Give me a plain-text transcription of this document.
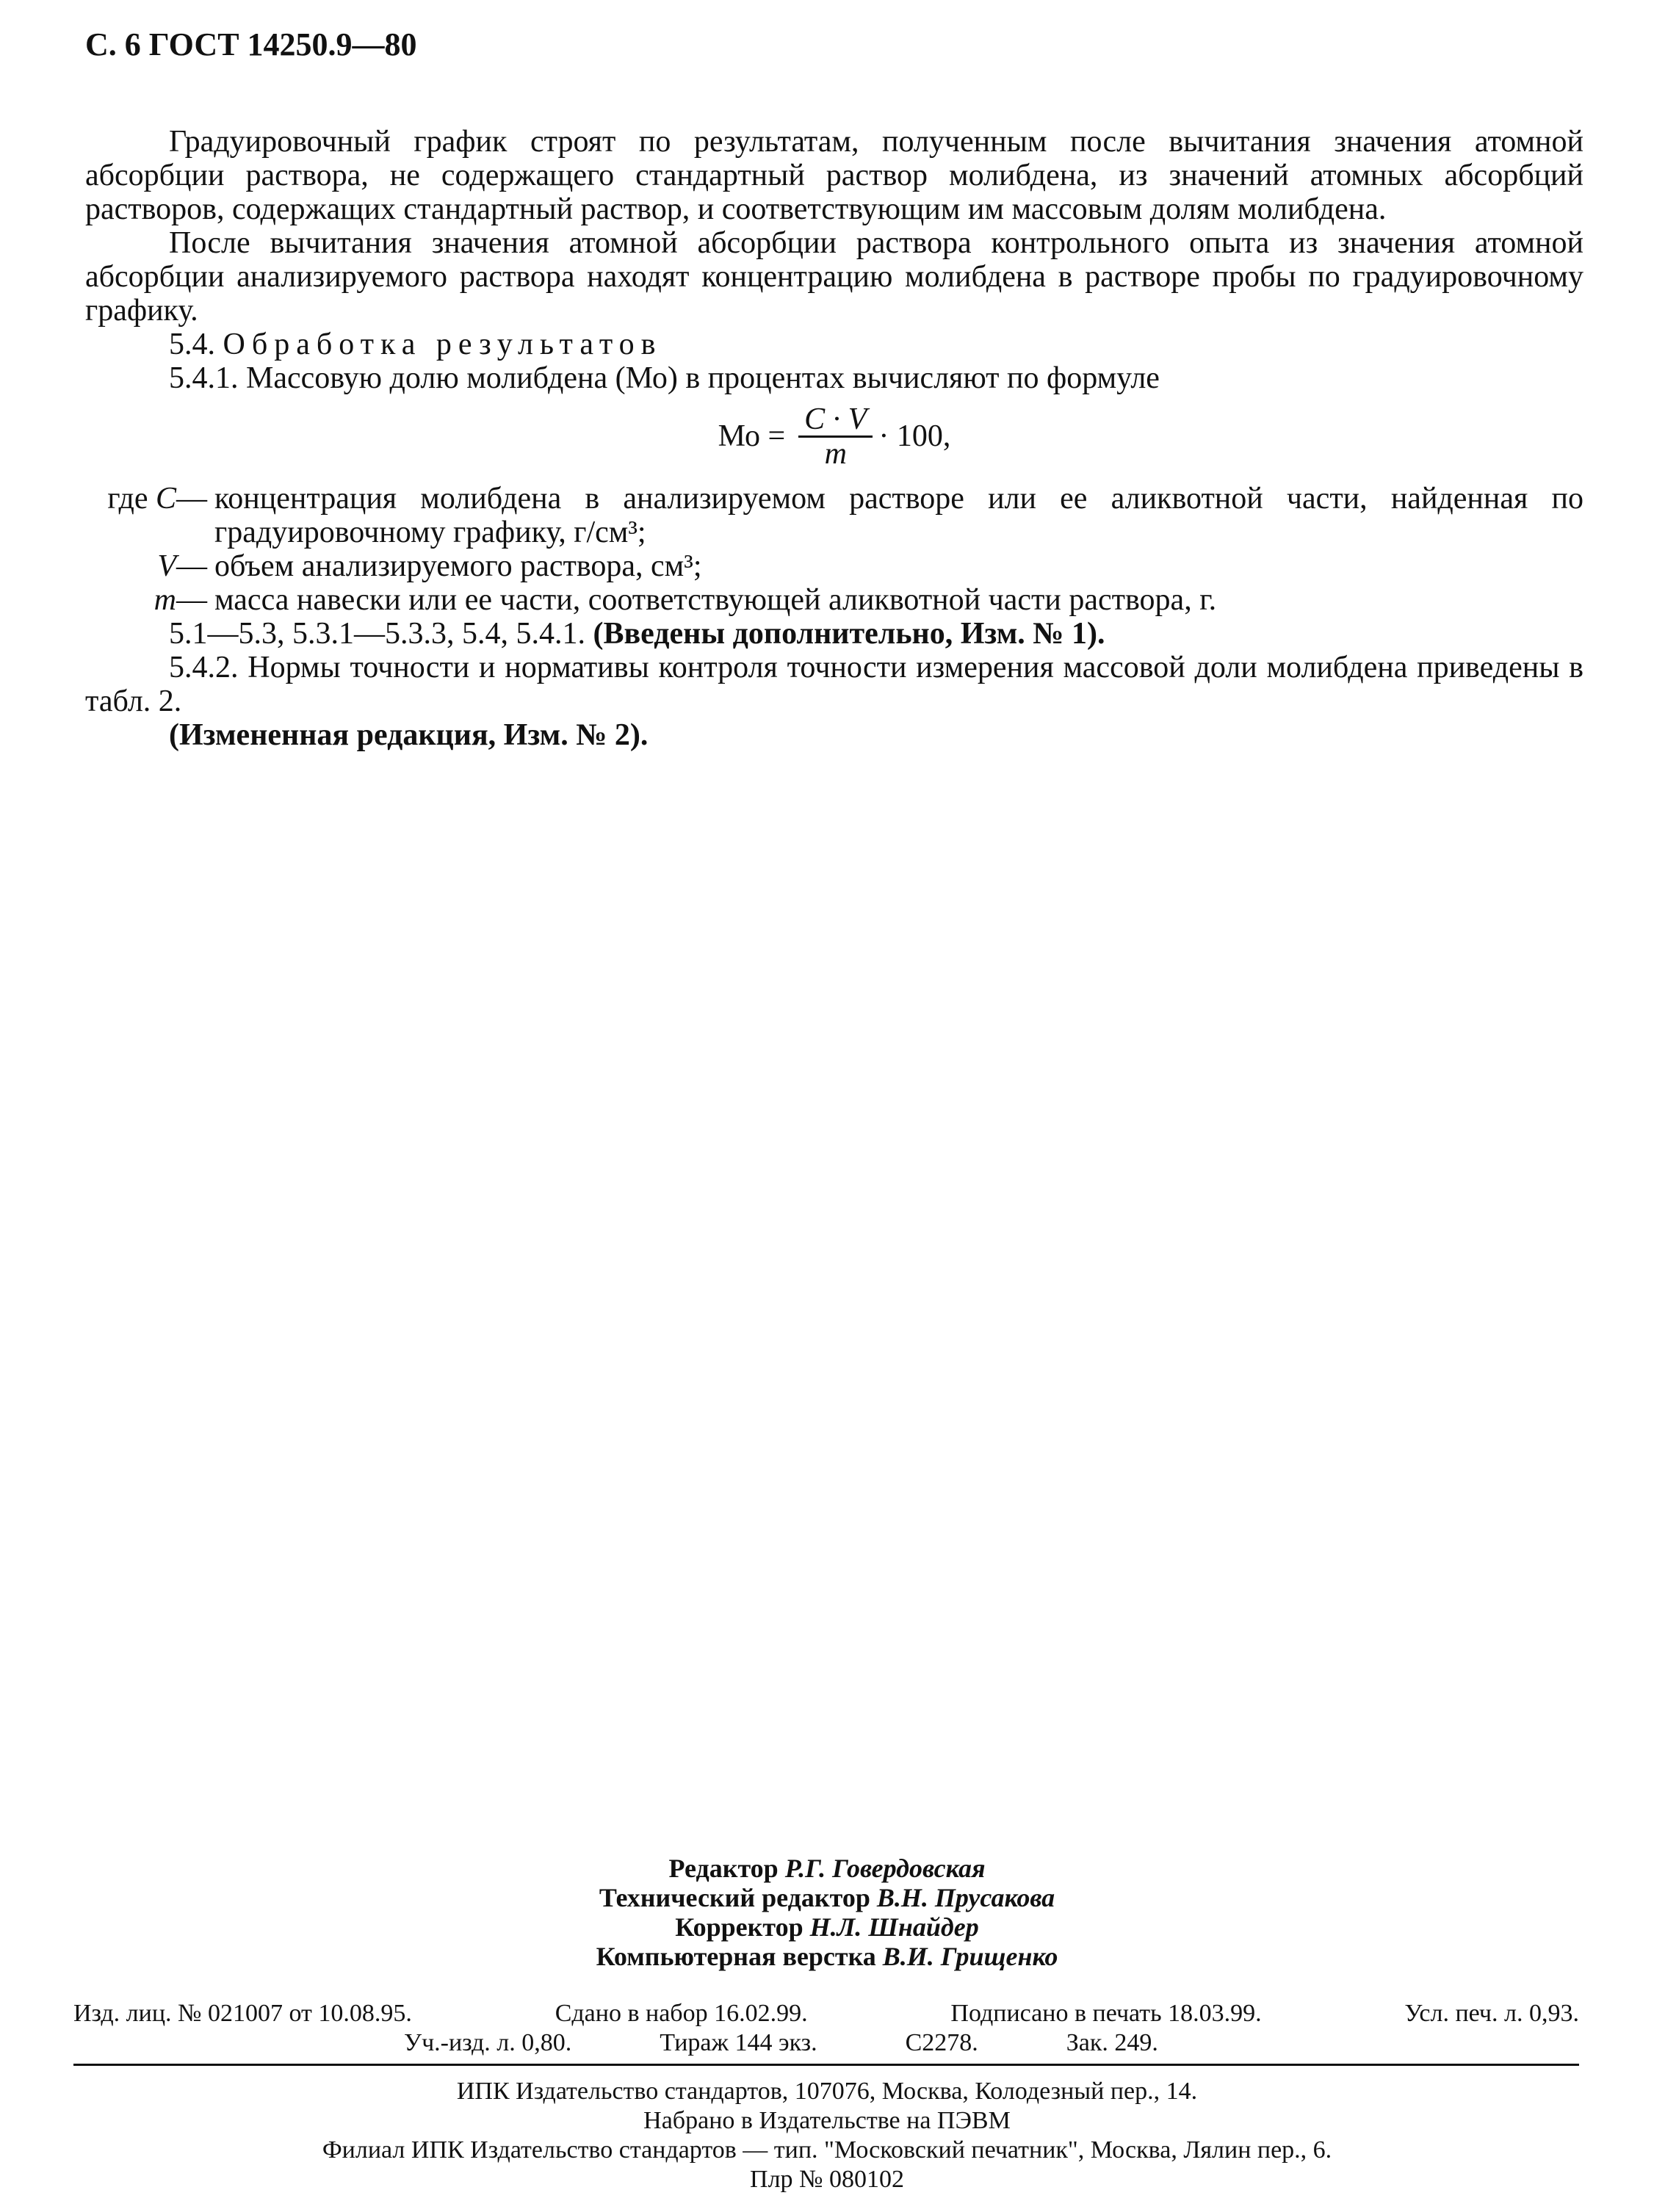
С. 6 ГОСТ 14250.9—80

Градуировочный график строят по результатам, полученным после вычитания значения атомной абсорбции раствора, не содержащего стандартный раствор молибдена, из значений атомных абсорбций растворов, содержащих стандартный раствор, и соответствующим им массовым долям молибдена.

После вычитания значения атомной абсорбции раствора контрольного опыта из значения атомной абсорбции анализируемого раствора находят концентрацию молибдена в растворе пробы по градуировочному графику.

5.4. Обработка результатов

5.4.1. Массовую долю молибдена (Мо) в процентах вычисляют по формуле

Мо = $\frac{C \cdot V}{m} \cdot 100$,
где C— концентрация молибдена в анализируемом растворе или ее аликвотной части, найденная по градуировочному графику, г/см³;
V— объем анализируемого раствора, см³;
m— масса навески или ее части, соответствующей аликвотной части раствора, г.

5.1—5.3, 5.3.1—5.3.3, 5.4, 5.4.1. (Введены дополнительно, Изм. № 1).

5.4.2. Нормы точности и нормативы контроля точности измерения массовой доли молибдена приведены в табл. 2.

(Измененная редакция, Изм. № 2).

Редактор Р.Г. Говердовская
Технический редактор В.Н. Прусакова
Корректор Н.Л. Шнайдер
Компьютерная верстка В.И. Грищенко
Изд. лиц. № 021007 от 10.08.95.	Сдано в набор 16.02.99.	Подписано в печать 18.03.99.	Усл. печ. л. 0,93.
Уч.-изд. л. 0,80.	Тираж 144 экз.	С2278.	Зак. 249.
ИПК Издательство стандартов, 107076, Москва, Колодезный пер., 14.
Набрано в Издательстве на ПЭВМ
Филиал ИПК Издательство стандартов — тип. "Московский печатник", Москва, Лялин пер., 6.
Плр № 080102
